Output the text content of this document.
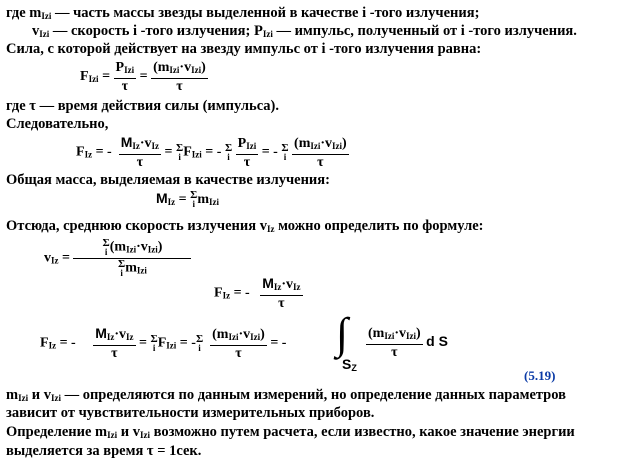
где $m_{Izi}$ — часть массы звезды выделенной в качестве i -того излучения;
$v_{Izi}$ — скорость i -того излучения; $P_{Izi}$ — импульс, полученный от i -того излучения.
Сила, с которой действует на звезду импульс от i -того излучения равна:
$F_{Izi} = \frac{P_{Izi}}{\tau} = \frac{(m_{Izi}\cdot v_{Izi})}{\tau}$
где τ — время действия силы (импульса).
Следовательно,
$F_{Iz}$ = - $\frac{M_{Iz}\cdot v_{Iz}}{\tau} = \Sigma$
i $F_{Izi}$ = - Σ
i $\frac{P_{Izi}}{\tau}$ = - Σ
i $\frac{(m_{Izi}\cdot v_{Izi})}{\tau}$
Общая масса, выделяемая в качестве излучения:
$M_{Iz} = \Sigma$
i $m_{Izi}$
Отсюда, среднюю скорость излучения $v_{Iz}$ можно определить по формуле:
$v_{Iz} = \Sigma$
i $(m_{Izi}\cdot v_{Izi})$
Σ
i $m_{Izi}$
$F_{Iz}$ = - $\frac{M_{Iz}\cdot v_{Iz}}{\tau}$
$F_{Iz}$ = - $\frac{M_{Iz}\cdot v_{Iz}}{\tau} = \Sigma$
i $F_{Izi}$ = - Σ
i $\frac{(m_{Izi}\cdot v_{Izi})}{\tau}$ = - ∫ $\frac{(m_{Izi}\cdot v_{Izi})}{\tau}$ d S
$S_Z$	(5.19)
$m_{Izi}$ и $v_{Izi}$ — определяются по данным измерений, но определение данных параметров
зависит от чувствительности измерительных приборов.
Определение $m_{Izi}$ и $v_{Izi}$ возможно путем расчета, если известно, какое значение энергии
выделяется за время τ = 1сек.
